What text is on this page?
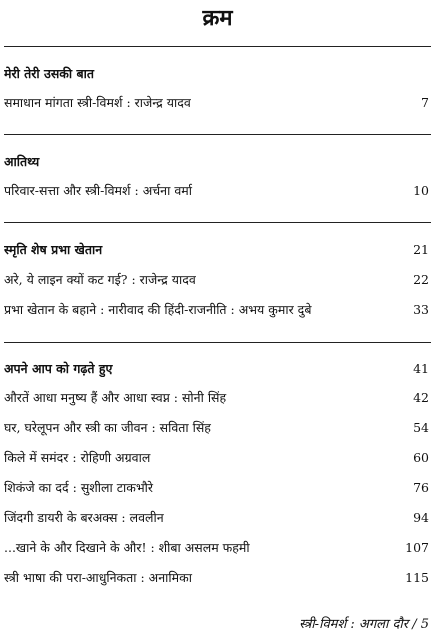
क्रम
मेरी तेरी उसकी बात
समाधान मांगता स्त्री-विमर्श : राजेन्द्र यादव	7
आतिथ्य
परिवार-सत्ता और स्त्री-विमर्श : अर्चना वर्मा	10
स्मृति शेष प्रभा खेतान	21
अरे, ये लाइन क्यों कट गई? : राजेन्द्र यादव	22
प्रभा खेतान के बहाने : नारीवाद की हिंदी-राजनीति : अभय कुमार दुबे	33
अपने आप को गढ़ते हुए	41
औरतें आधा मनुष्य हैं और आधा स्वप्न : सोनी सिंह	42
घर, घरेलूपन और स्त्री का जीवन : सविता सिंह	54
किले में समंदर : रोहिणी अग्रवाल	60
शिकंजे का दर्द : सुशीला टाकभौरे	76
जिंदगी डायरी के बरअक्स : लवलीन	94
...खाने के और दिखाने के और! : शीबा असलम फहमी	107
स्त्री भाषा की परा-आधुनिकता : अनामिका	115
स्त्री-विमर्श : अगला दौर / 5
